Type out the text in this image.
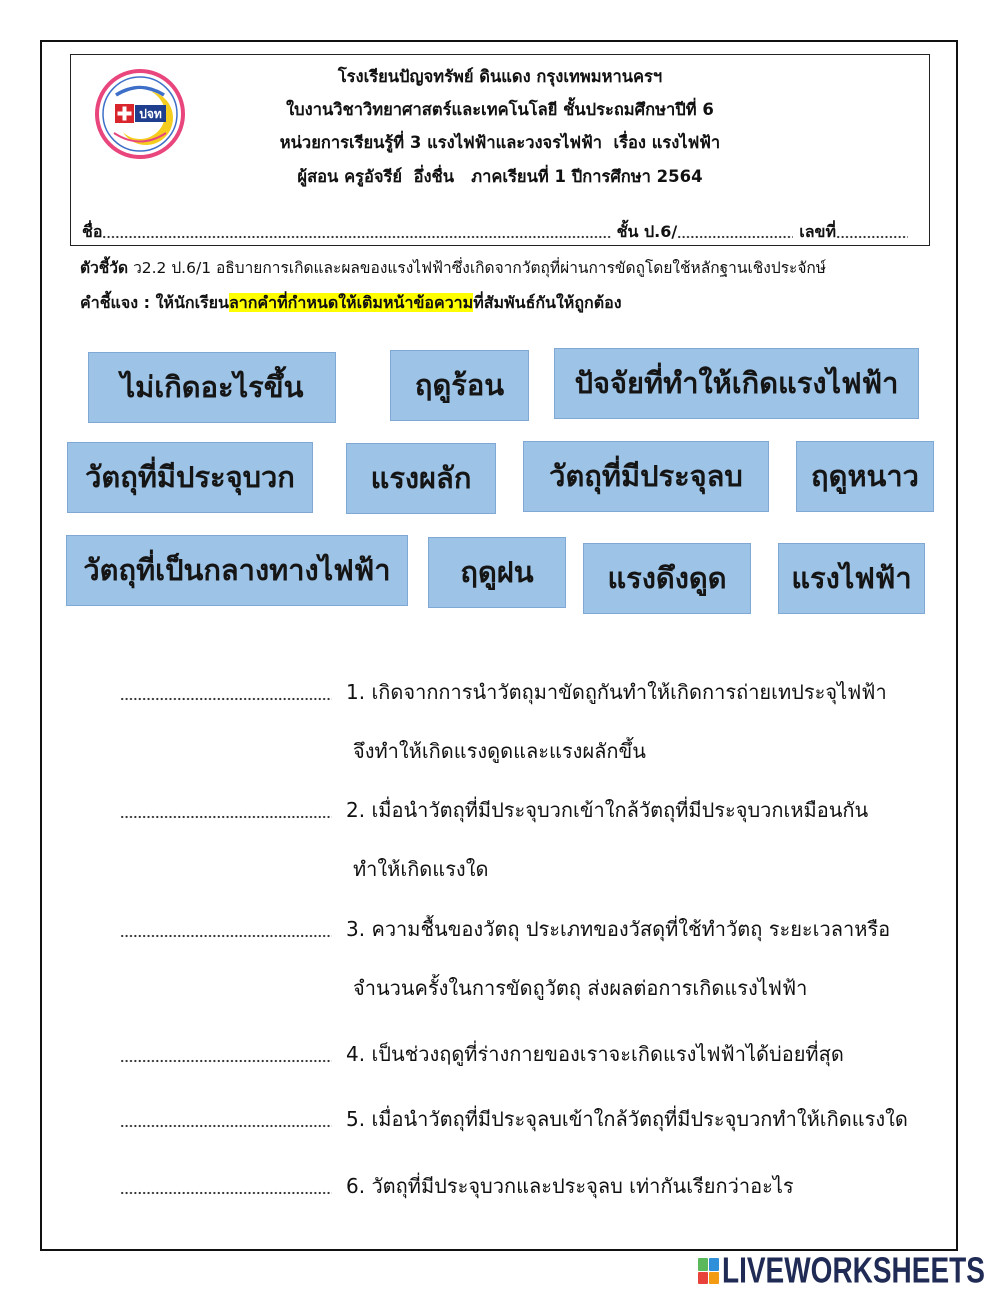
ปจท
โรงเรียนปัญจทรัพย์ ดินแดง กรุงเทพมหานครฯ
ใบงานวิชาวิทยาศาสตร์และเทคโนโลยี ชั้นประถมศึกษาปีที่ 6
หน่วยการเรียนรู้ที่ 3 แรงไฟฟ้าและวงจรไฟฟ้า  เรื่อง แรงไฟฟ้า
ผู้สอน ครูอัจรีย์  อึ่งชื่น   ภาคเรียนที่ 1 ปีการศึกษา 2564
ชื่อ	ชั้น ป.6/	เลขที่
ตัวชี้วัด ว2.2 ป.6/1 อธิบายการเกิดและผลของแรงไฟฟ้าซึ่งเกิดจากวัตถุที่ผ่านการขัดถูโดยใช้หลักฐานเชิงประจักษ์
คำชี้แจง : ให้นักเรียนลากคำที่กำหนดให้เติมหน้าข้อความที่สัมพันธ์กันให้ถูกต้อง
ไม่เกิดอะไรขึ้น	ฤดูร้อน	ปัจจัยที่ทำให้เกิดแรงไฟฟ้า
วัตถุที่มีประจุบวก	แรงผลัก	วัตถุที่มีประจุลบ	ฤดูหนาว
วัตถุที่เป็นกลางทางไฟฟ้า	ฤดูฝน	แรงดึงดูด	แรงไฟฟ้า
1. เกิดจากการนำวัตถุมาขัดถูกันทำให้เกิดการถ่ายเทประจุไฟฟ้า
จึงทำให้เกิดแรงดูดและแรงผลักขึ้น
2. เมื่อนำวัตถุที่มีประจุบวกเข้าใกล้วัตถุที่มีประจุบวกเหมือนกัน
ทำให้เกิดแรงใด
3. ความชื้นของวัตถุ ประเภทของวัสดุที่ใช้ทำวัตถุ ระยะเวลาหรือ
จำนวนครั้งในการขัดถูวัตถุ ส่งผลต่อการเกิดแรงไฟฟ้า
4. เป็นช่วงฤดูที่ร่างกายของเราจะเกิดแรงไฟฟ้าได้บ่อยที่สุด
5. เมื่อนำวัตถุที่มีประจุลบเข้าใกล้วัตถุที่มีประจุบวกทำให้เกิดแรงใด
6. วัตถุที่มีประจุบวกและประจุลบ เท่ากันเรียกว่าอะไร
LIVEWORKSHEETS
